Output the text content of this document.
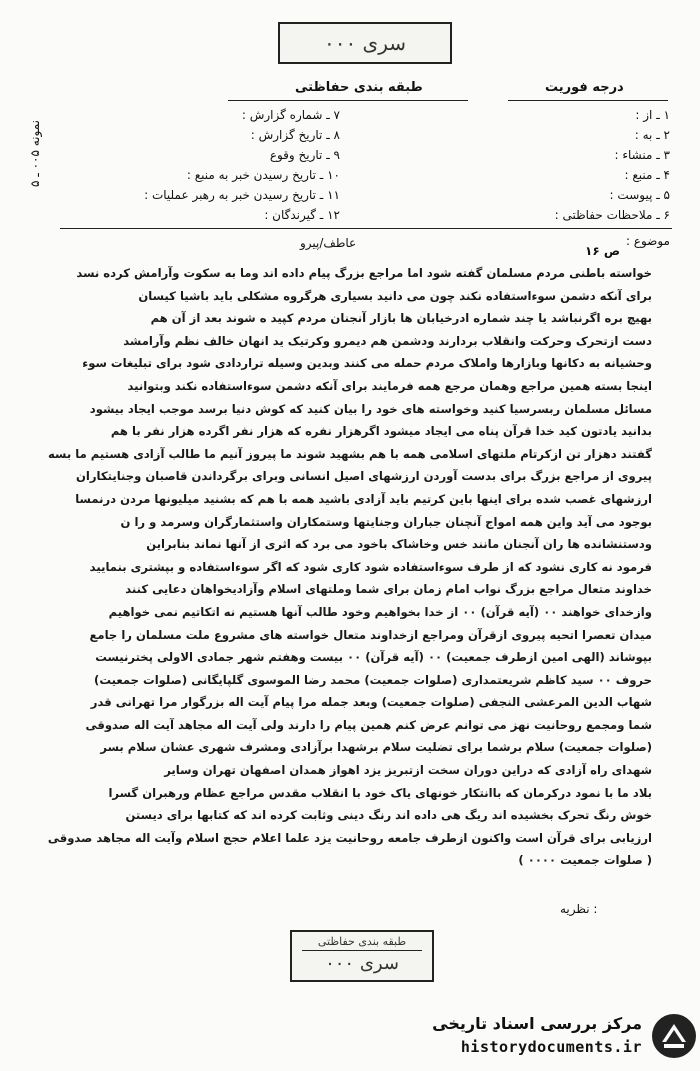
سری ۰۰۰
طبقه بندی حفاظتی	درجه فوریت
نمونه ۰۰۵ ـ ۵
۷ ـ شماره گزارش :
۸ ـ تاریخ گزارش :
۹ ـ تاریخ وقوع
۱۰ ـ تاریخ رسیدن خبر به منبع :
۱۱ ـ تاریخ رسیدن خبر به رهبر عملیات :
۱۲ ـ گیرندگان :
۱ ـ از :
۲ ـ به :
۳ ـ منشاء :
۴ ـ منبع :
۵ ـ پیوست :
۶ ـ ملاحظات حفاظتی :
موضوع :
ص ۱۶
عاطف/پیرو

خواسته باطنی مردم مسلمان گفته شود اما مراجع بزرگ پیام داده اند وما به سکوت وآرامش کرده نسد

برای آنکه دشمن سوءاستفاده نکند چون می دانید بسیاری هرگروه مشکلی باید باشیا کیسان

بهیچ بره اگرنباشد یا چند شماره ادرخیابان ها بازار آنجنان مردم کپید ه شوند بعد از آن هم

دست ازتحرک وحرکت وانقلاب بردارند ودشمن هم دیمرو وکرتیک ید انهان خالف نظم وآرامشد

وحشیانه به دکانها وبازارها واملاک مردم حمله می کنند وبدین وسیله تراردادی شود برای تبلیغات سوء

اینجا بسته همین مراجع وهمان مرجع همه فرمایند برای آنکه دشمن سوءاستفاده نکند وبتوانید

مسائل مسلمان ربسرسیا کنید وخواسته های خود را بیان کنید که کوش دنیا برسد موجب ایجاد بیشود

بدانید یادتون کید خدا قرآن پناه می ایجاد میشود اگرهزار نفره که هزار نفر اگرده هزار نفر با هم

گفتند دهزار تن ازکرتام ملتهای اسلامی همه با هم بشهید شوند ما پیروز آنیم ما طالب آزادی هستیم ما بسه

پیروی از مراجع بزرگ برای بدست آوردن ارزشهای اصیل انسانی وبرای برگرداندن قاصبان وجنایتکاران

ارزشهای غصب شده برای اینها باین کرتیم باید آزادی باشید همه با هم که بشنید میلیونها مردن درنمسا

بوجود می آید واین همه امواج آنچنان جباران وجنایتها وستمکاران واستثمارگران وسرمد و را ن

ودستنشانده ها ران آنجنان مانند خس وخاشاک باخود می برد که اثری از آنها نماند بنابراین

فرمود نه کاری نشود که از طرف سوءاستفاده شود کاری شود که اگر سوءاستفاده و بپشتری بنمایید

خداوند متعال مراجع بزرگ نواب امام زمان برای شما وملتهای اسلام وآزادیخواهان دعایی کنند

وازخدای خواهند ۰۰ (آیه قرآن) ۰۰ از خدا بخواهیم وخود طالب آنها هستیم نه اتکاتیم نمی خواهیم

میدان تعصرا اتحیه پیروی ازقرآن ومراجع ازخداوند متعال خواسته های مشروع ملت مسلمان را جامع

بپوشاند (الهی امین ازطرف جمعیت) ۰۰ (آیه قرآن) ۰۰ بیست وهفتم شهر جمادی الاولی پخترنیست

حروف ۰۰ سید کاظم شریعتمداری (صلوات جمعیت) محمد رضا الموسوی گلپایگانی (صلوات جمعیت)

شهاب الدین المرعشی النجفی (صلوات جمعیت) وبعد جمله مرا پیام آیت اله بزرگوار مرا تهرانی قدر

شما ومجمع روحانیت نهز می توانم عرض کنم همین پیام را دارند ولی آیت اله مجاهد آیت اله صدوقی

(صلوات جمعیت) سلام برشما برای تضلیت سلام برشهدا برآزادی ومشرف شهری عشان سلام بسر

شهدای راه آزادی که دراین دوران سخت ازتبریز یزد اهواز همدان اصفهان تهران وسایر

بلاد ما با نمود درکرمان که باانتکار خونهای یاک خود با انقلاب مقدس مراجع عظام ورهبران گسرا

خوش رنگ تحرک بخشیده اند ریگ هی داده اند رنگ دینی وثابت کرده اند که کتابها برای دیستن

ارزیابی برای قرآن است واکنون ازطرف جامعه روحانیت یزد علما اعلام حجج اسلام وآیت اله مجاهد صدوقی

( صلوات جمعیت ۰۰۰۰ )

نظریه :
طبقه بندی حفاظتی
سری ۰۰۰
مرکز بررسی اسناد تاریخی
historydocuments.ir
